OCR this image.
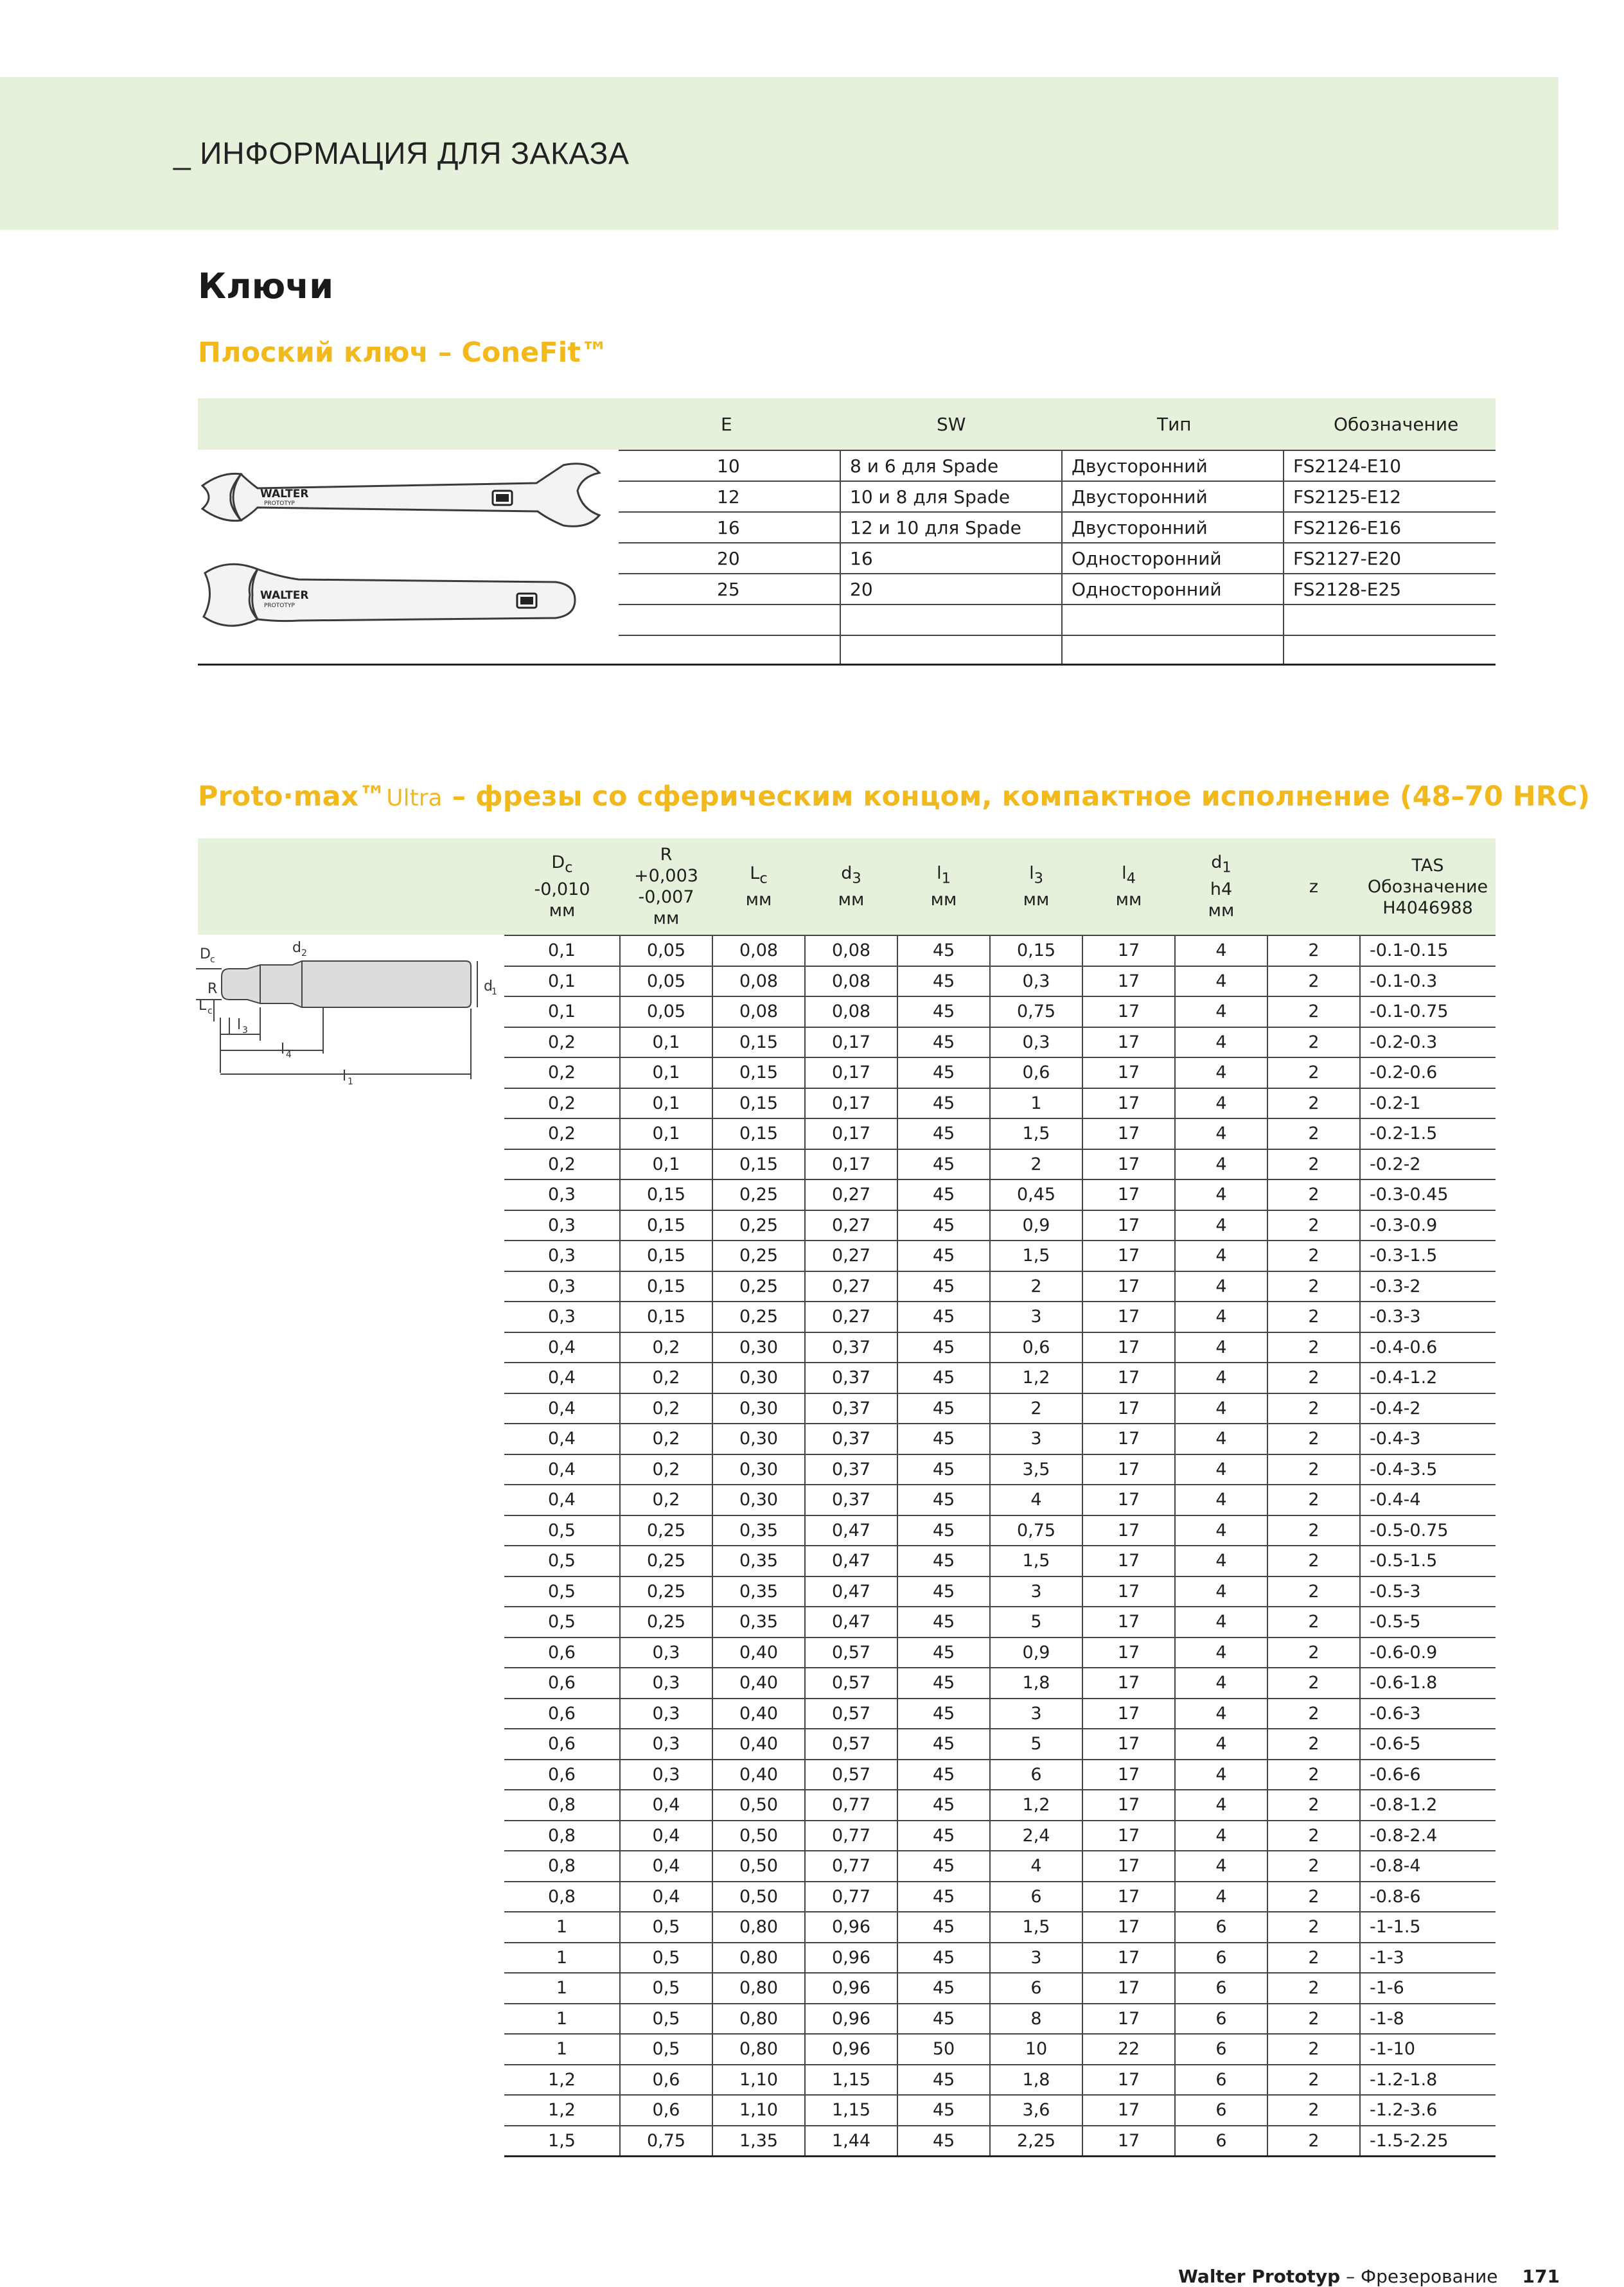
_ ИНФОРМАЦИЯ ДЛЯ ЗАКАЗА
Ключи
Плоский ключ – ConeFit™
WALTER
PROTOTYP
WALTER
PROTOTYP
E	SW	Тип	Обозначение
10	8 и 6 для Spade	Двусторонний	FS2124-E10
12	10 и 8 для Spade	Двусторонний	FS2125-E12
16	12 и 10 для Spade	Двусторонний	FS2126-E16
20	16	Односторонний	FS2127-E20
25	20	Односторонний	FS2128-E25

Proto·max™Ultra – фрезы со сферическим концом, компактное исполнение (48–70 HRC)
D c
d 2
R
L c
l 3
l 4
l 1
d
1
$D_c$
-0,010
мм	R
+0,003
-0,007
мм	$L_c$
мм	$d_3$
мм	$l_1$
мм	$l_3$
мм	$l_4$
мм	$d_1$
h4
мм	z	TAS
Обозначение
H4046988
0,1	0,05	0,08	0,08	45	0,15	17	4	2	-0.1-0.15
0,1	0,05	0,08	0,08	45	0,3	17	4	2	-0.1-0.3
0,1	0,05	0,08	0,08	45	0,75	17	4	2	-0.1-0.75
0,2	0,1	0,15	0,17	45	0,3	17	4	2	-0.2-0.3
0,2	0,1	0,15	0,17	45	0,6	17	4	2	-0.2-0.6
0,2	0,1	0,15	0,17	45	1	17	4	2	-0.2-1
0,2	0,1	0,15	0,17	45	1,5	17	4	2	-0.2-1.5
0,2	0,1	0,15	0,17	45	2	17	4	2	-0.2-2
0,3	0,15	0,25	0,27	45	0,45	17	4	2	-0.3-0.45
0,3	0,15	0,25	0,27	45	0,9	17	4	2	-0.3-0.9
0,3	0,15	0,25	0,27	45	1,5	17	4	2	-0.3-1.5
0,3	0,15	0,25	0,27	45	2	17	4	2	-0.3-2
0,3	0,15	0,25	0,27	45	3	17	4	2	-0.3-3
0,4	0,2	0,30	0,37	45	0,6	17	4	2	-0.4-0.6
0,4	0,2	0,30	0,37	45	1,2	17	4	2	-0.4-1.2
0,4	0,2	0,30	0,37	45	2	17	4	2	-0.4-2
0,4	0,2	0,30	0,37	45	3	17	4	2	-0.4-3
0,4	0,2	0,30	0,37	45	3,5	17	4	2	-0.4-3.5
0,4	0,2	0,30	0,37	45	4	17	4	2	-0.4-4
0,5	0,25	0,35	0,47	45	0,75	17	4	2	-0.5-0.75
0,5	0,25	0,35	0,47	45	1,5	17	4	2	-0.5-1.5
0,5	0,25	0,35	0,47	45	3	17	4	2	-0.5-3
0,5	0,25	0,35	0,47	45	5	17	4	2	-0.5-5
0,6	0,3	0,40	0,57	45	0,9	17	4	2	-0.6-0.9
0,6	0,3	0,40	0,57	45	1,8	17	4	2	-0.6-1.8
0,6	0,3	0,40	0,57	45	3	17	4	2	-0.6-3
0,6	0,3	0,40	0,57	45	5	17	4	2	-0.6-5
0,6	0,3	0,40	0,57	45	6	17	4	2	-0.6-6
0,8	0,4	0,50	0,77	45	1,2	17	4	2	-0.8-1.2
0,8	0,4	0,50	0,77	45	2,4	17	4	2	-0.8-2.4
0,8	0,4	0,50	0,77	45	4	17	4	2	-0.8-4
0,8	0,4	0,50	0,77	45	6	17	4	2	-0.8-6
1	0,5	0,80	0,96	45	1,5	17	6	2	-1-1.5
1	0,5	0,80	0,96	45	3	17	6	2	-1-3
1	0,5	0,80	0,96	45	6	17	6	2	-1-6
1	0,5	0,80	0,96	45	8	17	6	2	-1-8
1	0,5	0,80	0,96	50	10	22	6	2	-1-10
1,2	0,6	1,10	1,15	45	1,8	17	6	2	-1.2-1.8
1,2	0,6	1,10	1,15	45	3,6	17	6	2	-1.2-3.6
1,5	0,75	1,35	1,44	45	2,25	17	6	2	-1.5-2.25
Walter Prototyp – Фрезерование 171
